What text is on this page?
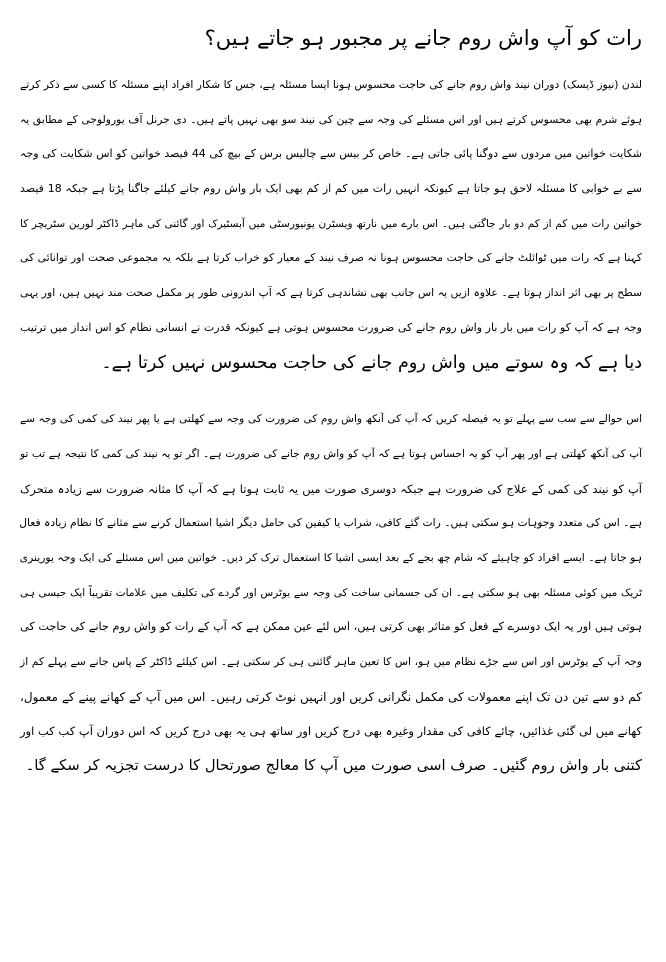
رات کو آپ واش روم جانے پر مجبور ہو جاتے ہیں؟
لندن (نیوز ڈیسک) دوران نیند واش روم جانے کی حاجت محسوس ہونا ایسا مسئلہ ہے، جس کا شکار افراد اپنے مسئلہ کا کسی سے ذکر کرتے
ہوئے شرم بھی محسوس کرتے ہیں اور اس مسئلے کی وجہ سے چین کی نیند سو بھی نہیں پاتے ہیں۔ دی جرنل آف یورولوجی کے مطابق یہ
شکایت خواتین میں مردوں سے دوگنا پائی جاتی ہے۔ خاص کر بیس سے چالیس برس کے بیچ کی 44 فیصد خواتین کو اس شکایت کی وجہ
سے بے خوابی کا مسئلہ لاحق ہو جاتا ہے کیونکہ انہیں رات میں کم از کم بھی ایک بار واش روم جانے کیلئے جاگنا پڑتا ہے جبکہ 18 فیصد
خواتین رات میں کم از کم دو بار جاگتی ہیں۔ اس بارے میں نارتھ ویسٹرن یونیورسٹی میں آبسٹیرک اور گائنی کی ماہر ڈاکٹر لورین سٹریچر کا
کہنا ہے کہ رات میں ٹوائلٹ جانے کی حاجت محسوس ہونا نہ صرف نیند کے معیار کو خراب کرتا ہے بلکہ یہ مجموعی صحت اور توانائی کی
سطح پر بھی اثر انداز ہوتا ہے۔ علاوہ ازیں یہ اس جانب بھی نشاندہی کرتا ہے کہ آپ اندرونی طور پر مکمل صحت مند نہیں ہیں، اور یہی
وجہ ہے کہ آپ کو رات میں بار بار واش روم جانے کی ضرورت محسوس ہوتی ہے کیونکہ قدرت نے انسانی نظام کو اس انداز میں ترتیب
دیا ہے کہ وہ سوتے میں واش روم جانے کی حاجت محسوس نہیں کرتا ہے۔
اس حوالے سے سب سے پہلے تو یہ فیصلہ کریں کہ آپ کی آنکھ واش روم کی ضرورت کی وجہ سے کھلتی ہے یا پھر نیند کی کمی کی وجہ سے
آپ کی آنکھ کھلتی ہے اور پھر آپ کو یہ احساس ہوتا ہے کہ آپ کو واش روم جانے کی ضرورت ہے۔ اگر تو یہ نیند کی کمی کا نتیجہ ہے تب تو
آپ کو نیند کی کمی کے علاج کی ضرورت ہے جبکہ دوسری صورت میں یہ ثابت ہوتا ہے کہ آپ کا مثانہ ضرورت سے زیادہ متحرک
ہے۔ اس کی متعدد وجوہات ہو سکتی ہیں۔ رات گئے کافی، شراب یا کیفین کی حامل دیگر اشیا استعمال کرنے سے مثانے کا نظام زیادہ فعال
ہو جاتا ہے۔ ایسے افراد کو چاہیئے کہ شام چھ بجے کے بعد ایسی اشیا کا استعمال ترک کر دیں۔ خواتین میں اس مسئلے کی ایک وجہ یورینری
ٹریک میں کوئی مسئلہ بھی ہو سکتی ہے۔ ان کی جسمانی ساخت کی وجہ سے یوٹرس اور گردے کی تکلیف میں علامات تقریباً ایک جیسی ہی
ہوتی ہیں اور یہ ایک دوسرے کے فعل کو متاثر بھی کرتی ہیں، اس لئے عین ممکن ہے کہ آپ کے رات کو واش روم جانے کی حاجت کی
وجہ آپ کے یوٹرس اور اس سے جڑے نظام میں ہو، اس کا تعین ماہر گائنی ہی کر سکتی ہے۔ اس کیلئے ڈاکٹر کے پاس جانے سے پہلے کم از
کم دو سے تین دن تک اپنے معمولات کی مکمل نگرانی کریں اور انہیں نوٹ کرتی رہیں۔ اس میں آپ کے کھانے پینے کے معمول،
کھانے میں لی گئی غذائیں، چائے کافی کی مقدار وغیرہ بھی درج کریں اور ساتھ ہی یہ بھی درج کریں کہ اس دوران آپ کب کب اور
کتنی بار واش روم گئیں۔ صرف اسی صورت میں آپ کا معالج صورتحال کا درست تجزیہ کر سکے گا۔
